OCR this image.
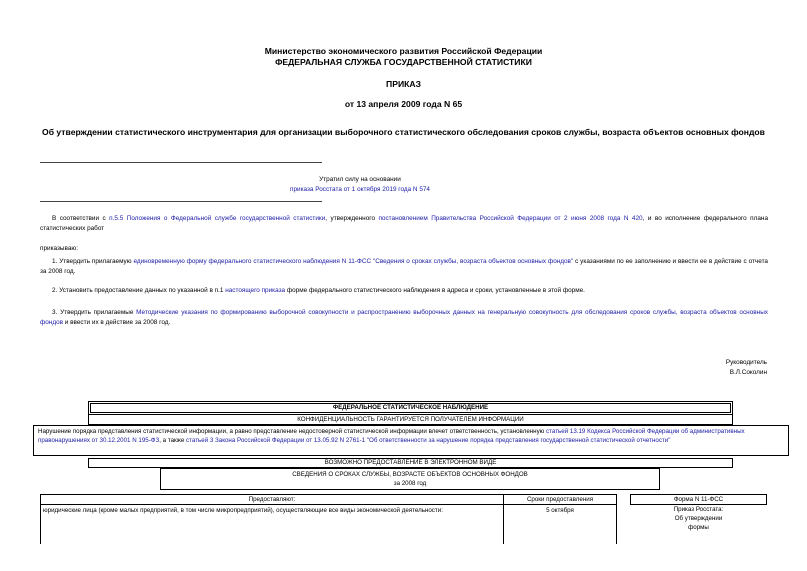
Министерство экономического развития Российской Федерации
ФЕДЕРАЛЬНАЯ СЛУЖБА ГОСУДАРСТВЕННОЙ СТАТИСТИКИ
ПРИКАЗ
от 13 апреля 2009 года N 65
Об утверждении статистического инструментария для организации выборочного статистического обследования сроков службы, возраста объектов основных фондов
Утратил силу на основании
приказа Росстата от 1 октября 2019 года N 574
В соответствии с п.5.5 Положения о Федеральной службе государственной статистики, утвержденного постановлением Правительства Российской Федерации от 2 июня 2008 года N 420, и во исполнение федерального плана статистических работ
приказываю:
1. Утвердить прилагаемую единовременную форму федерального статистического наблюдения N 11-ФСС "Сведения о сроках службы, возраста объектов основных фондов" с указаниями по ее заполнению и ввести ее в действие с отчета за 2008 год.
2. Установить предоставление данных по указанной в п.1 настоящего приказа форме федерального статистического наблюдения в адреса и сроки, установленные в этой форме.
3. Утвердить прилагаемые Методические указания по формированию выборочной совокупности и распространению выборочных данных на генеральную совокупность для обследования сроков службы, возраста объектов основных фондов и ввести их в действие за 2008 год.
Руководитель
В.Л.Соколин
ФЕДЕРАЛЬНОЕ СТАТИСТИЧЕСКОЕ НАБЛЮДЕНИЕ
КОНФИДЕНЦИАЛЬНОСТЬ ГАРАНТИРУЕТСЯ ПОЛУЧАТЕЛЕМ ИНФОРМАЦИИ
Нарушение порядка представления статистической информации, а равно представление недостоверной статистической информации влечет ответственность, установленную статьей 13.19 Кодекса Российской Федерации об административных правонарушениях от 30.12.2001 N 195-ФЗ, а также статьей 3 Закона Российской Федерации от 13.05.92 N 2761-1 "Об ответственности за нарушение порядка представления государственной статистической отчетности"
ВОЗМОЖНО ПРЕДОСТАВЛЕНИЕ В ЭЛЕКТРОННОМ ВИДЕ
СВЕДЕНИЯ О СРОКАХ СЛУЖБЫ, ВОЗРАСТЕ ОБЪЕКТОВ ОСНОВНЫХ ФОНДОВ
за 2008 год
Предоставляют:	Сроки предоставления	Форма N 11-ФСС
юридические лица (кроме малых предприятий, в том числе микропредприятий), осуществляющие все виды экономической деятельности:	5 октября	Приказ Росстата:
Об утверждении
формы
